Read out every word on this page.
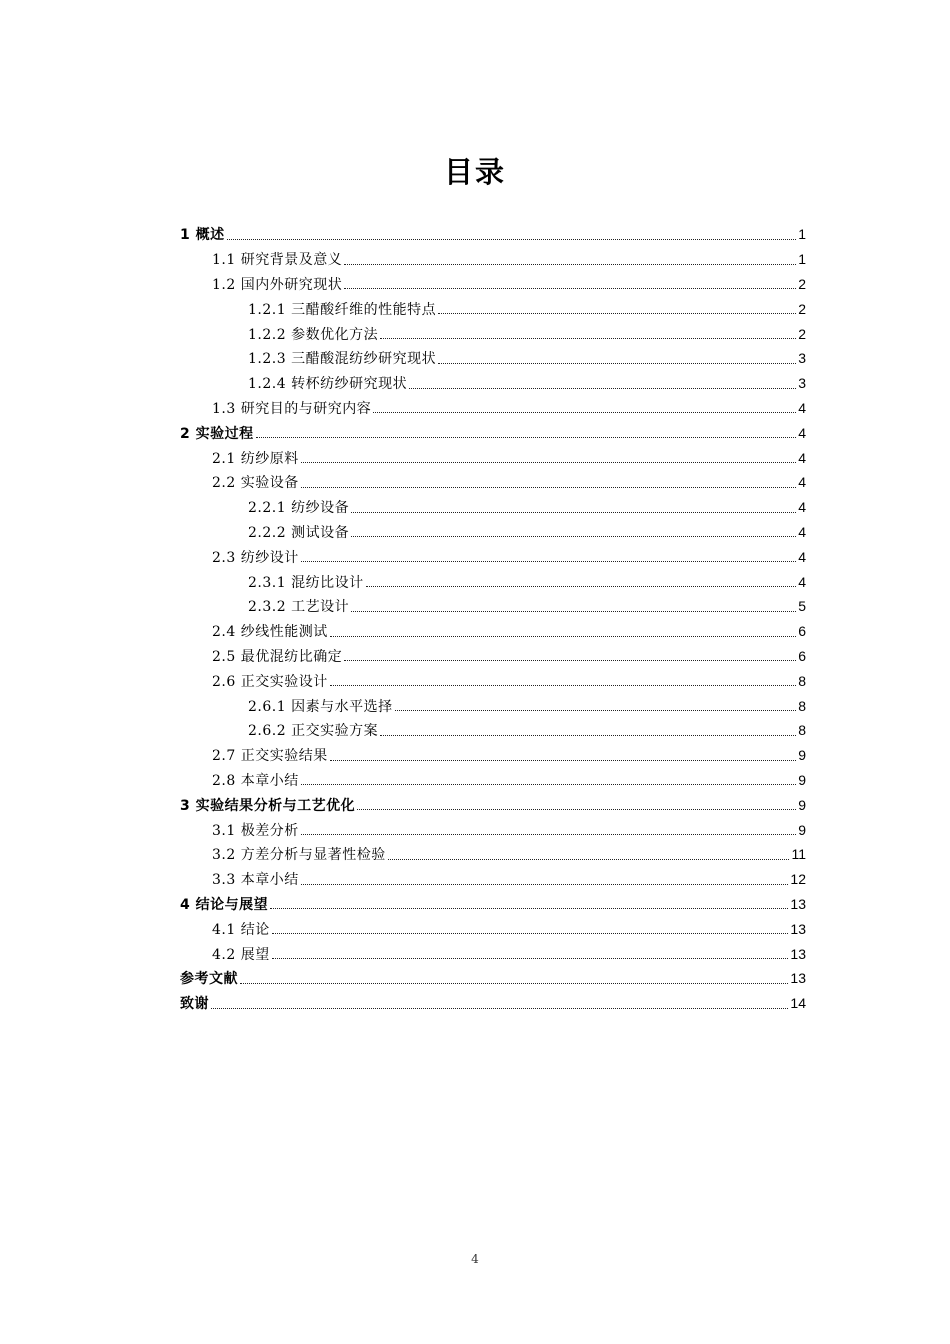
目录
1 概述	1
1.1 研究背景及意义	1
1.2 国内外研究现状	2
1.2.1 三醋酸纤维的性能特点	2
1.2.2 参数优化方法	2
1.2.3 三醋酸混纺纱研究现状	3
1.2.4 转杯纺纱研究现状	3
1.3 研究目的与研究内容	4
2 实验过程	4
2.1 纺纱原料	4
2.2 实验设备	4
2.2.1 纺纱设备	4
2.2.2 测试设备	4
2.3 纺纱设计	4
2.3.1 混纺比设计	4
2.3.2 工艺设计	5
2.4 纱线性能测试	6
2.5 最优混纺比确定	6
2.6 正交实验设计	8
2.6.1 因素与水平选择	8
2.6.2 正交实验方案	8
2.7 正交实验结果	9
2.8 本章小结	9
3 实验结果分析与工艺优化	9
3.1 极差分析	9
3.2 方差分析与显著性检验	11
3.3 本章小结	12
4 结论与展望	13
4.1 结论	13
4.2 展望	13
参考文献	13
致谢	14
4
